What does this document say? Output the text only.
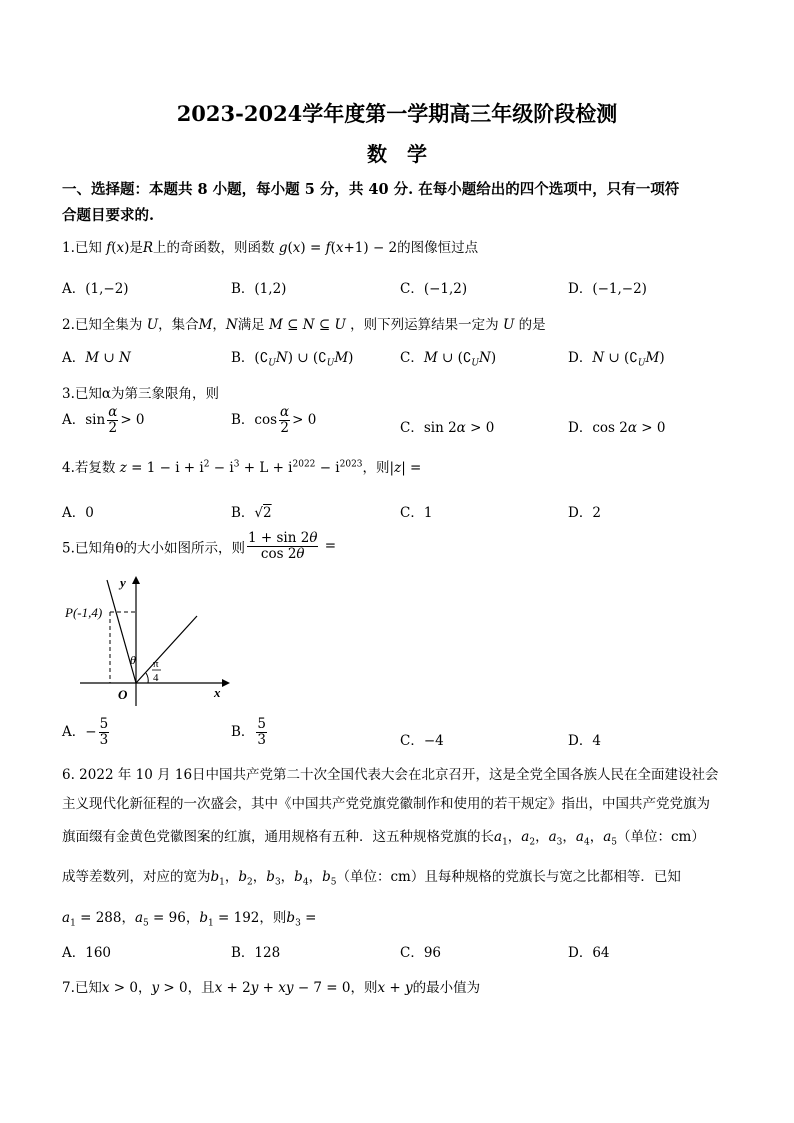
2023-2024学年度第一学期高三年级阶段检测
数　学
一、选择题：本题共 8 小题，每小题 5 分，共 40 分. 在每小题给出的四个选项中，只有一项符
合题目要求的.
1.已知 f(x)是R上的奇函数，则函数 g(x) = f(x+1) − 2的图像恒过点
A．(1,−2)	B．(1,2)	C．(−1,2)	D．(−1,−2)
2.已知全集为 U，集合M，N满足 M ⊆ N ⊆ U ，则下列运算结果一定为 U 的是
A．M ∪ N	B．$(∁_UN)$ ∪ $(∁_UM)$	C．M ∪ $(∁_UN)$	D．N ∪ $(∁_UM)$
3.已知α为第三象限角，则
A．$\sin \frac{\alpha}{2} > 0$	B．$\cos \frac{\alpha}{2} > 0$
C．sin 2α > 0	D．cos 2α > 0
4.若复数 $z = 1 - i + i^2 - i^3 + L + i^{2022} - i^{2023}$，则|z| =
A．0	B．√2	C．1	D．2
5.已知角θ的大小如图所示，则 $\frac{1 + \sin 2\theta}{\cos 2\theta}$ =
P(-1,4)
y
x
O
θ π
4
A．− $\frac{5}{3}$	B． $\frac{5}{3}$	C．−4	D．4
6. 2022 年 10 月 16日中国共产党第二十次全国代表大会在北京召开，这是全党全国各族人民在全面建设社会
主义现代化新征程的一次盛会，其中《中国共产党党旗党徽制作和使用的若干规定》指出，中国共产党党旗为
旗面缀有金黄色党徽图案的红旗，通用规格有五种．这五种规格党旗的长$a_1$，$a_2$，$a_3$，$a_4$，$a_5$（单位：cm）
成等差数列，对应的宽为$b_1$，$b_2$，$b_3$，$b_4$，$b_5$（单位：cm）且每种规格的党旗长与宽之比都相等．已知
$a_1 = 288$，$a_5 = 96$，$b_1 = 192$，则$b_3$ =
A．160	B．128	C．96	D．64
7.已知x > 0，y > 0，且x + 2y + xy − 7 = 0，则x + y的最小值为
